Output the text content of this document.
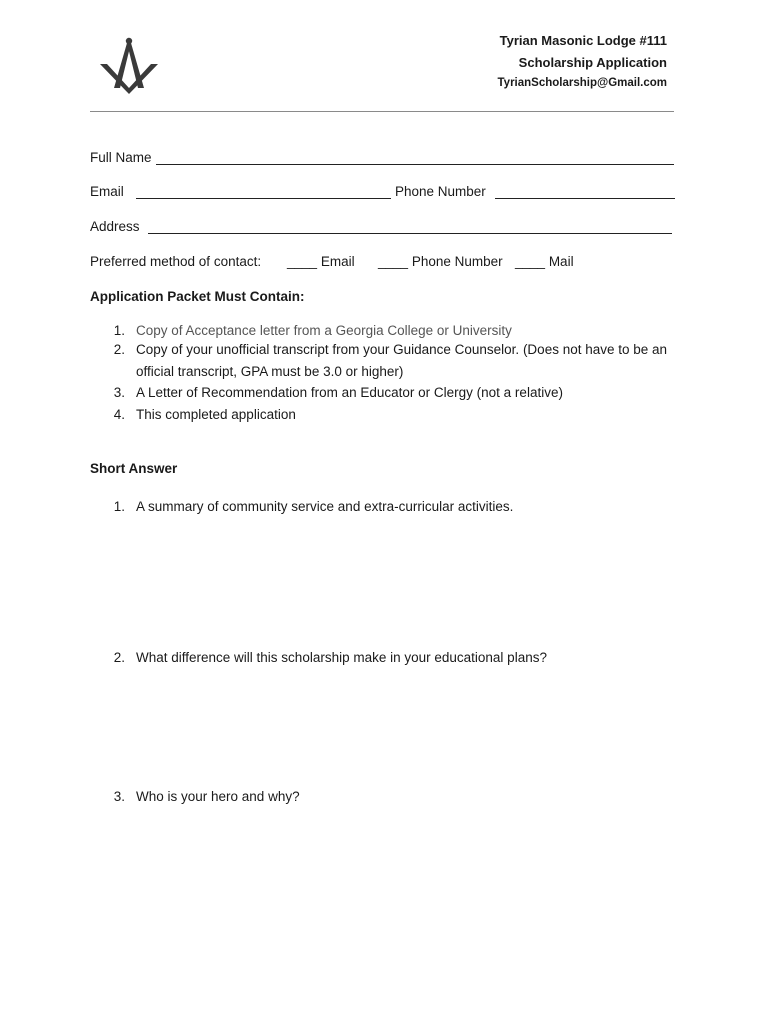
Tyrian Masonic Lodge #111
Scholarship Application
TyrianScholarship@Gmail.com
Full Name
Email	Phone Number
Address
Preferred method of contact: ____ Email ____ Phone Number ____ Mail
Application Packet Must Contain:
1. Copy of Acceptance letter from a Georgia College or University
2. Copy of your unofficial transcript from your Guidance Counselor. (Does not have to be an
official transcript, GPA must be 3.0 or higher)
3. A Letter of Recommendation from an Educator or Clergy (not a relative)
4. This completed application
Short Answer
1. A summary of community service and extra-curricular activities.
2. What difference will this scholarship make in your educational plans?
3. Who is your hero and why?
